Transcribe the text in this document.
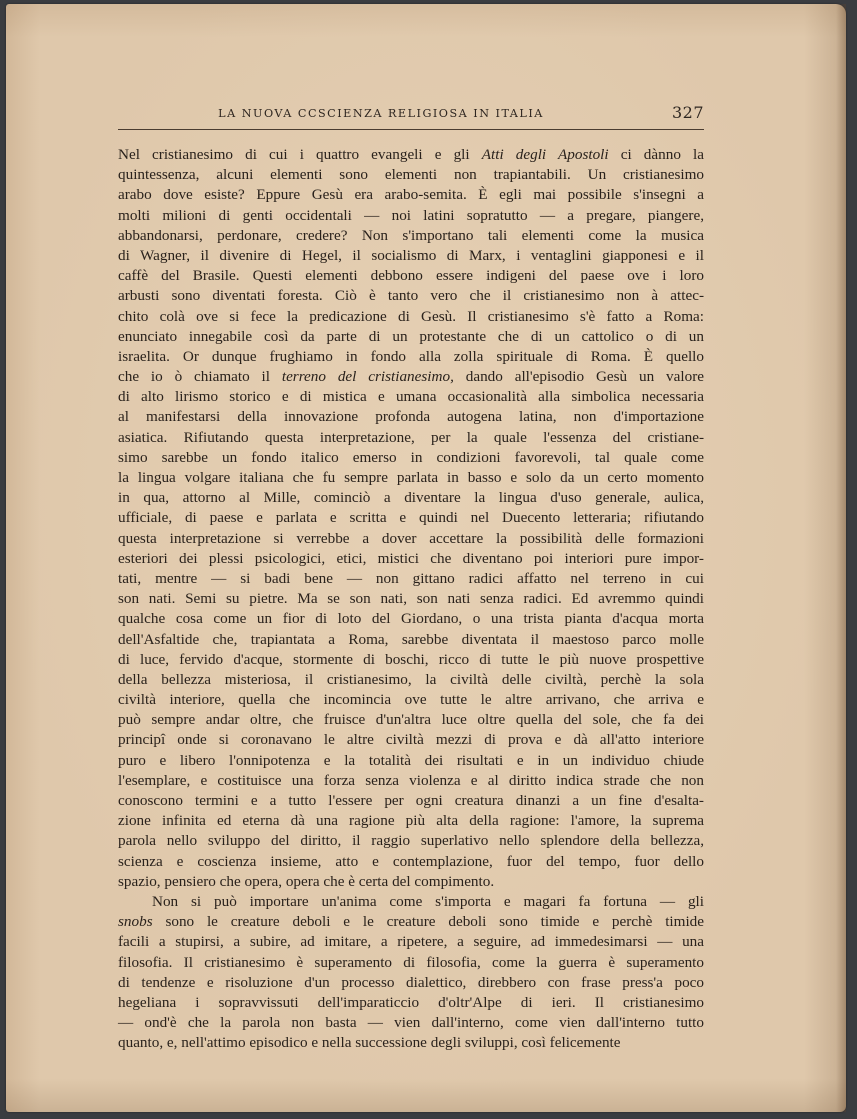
LA NUOVA CCSCIENZA RELIGIOSA IN ITALIA	327
Nel cristianesimo di cui i quattro evangeli e gli Atti degli Apostoli ci dànno la
quintessenza, alcuni elementi sono elementi non trapiantabili. Un cristianesimo
arabo dove esiste? Eppure Gesù era arabo-semita. È egli mai possibile s'insegni a
molti milioni di genti occidentali — noi latini sopratutto — a pregare, piangere,
abbandonarsi, perdonare, credere? Non s'importano tali elementi come la musica
di Wagner, il divenire di Hegel, il socialismo di Marx, i ventaglini giapponesi e il
caffè del Brasile. Questi elementi debbono essere indigeni del paese ove i loro
arbusti sono diventati foresta. Ciò è tanto vero che il cristianesimo non à attec-
chito colà ove si fece la predicazione di Gesù. Il cristianesimo s'è fatto a Roma:
enunciato innegabile così da parte di un protestante che di un cattolico o di un
israelita. Or dunque frughiamo in fondo alla zolla spirituale di Roma. È quello
che io ò chiamato il terreno del cristianesimo, dando all'episodio Gesù un valore
di alto lirismo storico e di mistica e umana occasionalità alla simbolica necessaria
al manifestarsi della innovazione profonda autogena latina, non d'importazione
asiatica. Rifiutando questa interpretazione, per la quale l'essenza del cristiane-
simo sarebbe un fondo italico emerso in condizioni favorevoli, tal quale come
la lingua volgare italiana che fu sempre parlata in basso e solo da un certo momento
in qua, attorno al Mille, cominciò a diventare la lingua d'uso generale, aulica,
ufficiale, di paese e parlata e scritta e quindi nel Duecento letteraria; rifiutando
questa interpretazione si verrebbe a dover accettare la possibilità delle formazioni
esteriori dei plessi psicologici, etici, mistici che diventano poi interiori pure impor-
tati, mentre — si badi bene — non gittano radici affatto nel terreno in cui
son nati. Semi su pietre. Ma se son nati, son nati senza radici. Ed avremmo quindi
qualche cosa come un fior di loto del Giordano, o una trista pianta d'acqua morta
dell'Asfaltide che, trapiantata a Roma, sarebbe diventata il maestoso parco molle
di luce, fervido d'acque, stormente di boschi, ricco di tutte le più nuove prospettive
della bellezza misteriosa, il cristianesimo, la civiltà delle civiltà, perchè la sola
civiltà interiore, quella che incomincia ove tutte le altre arrivano, che arriva e
può sempre andar oltre, che fruisce d'un'altra luce oltre quella del sole, che fa dei
principî onde si coronavano le altre civiltà mezzi di prova e dà all'atto interiore
puro e libero l'onnipotenza e la totalità dei risultati e in un individuo chiude
l'esemplare, e costituisce una forza senza violenza e al diritto indica strade che non
conoscono termini e a tutto l'essere per ogni creatura dinanzi a un fine d'esalta-
zione infinita ed eterna dà una ragione più alta della ragione: l'amore, la suprema
parola nello sviluppo del diritto, il raggio superlativo nello splendore della bellezza,
scienza e coscienza insieme, atto e contemplazione, fuor del tempo, fuor dello
spazio, pensiero che opera, opera che è certa del compimento.
Non si può importare un'anima come s'importa e magari fa fortuna — gli
snobs sono le creature deboli e le creature deboli sono timide e perchè timide
facili a stupirsi, a subire, ad imitare, a ripetere, a seguire, ad immedesimarsi — una
filosofia. Il cristianesimo è superamento di filosofia, come la guerra è superamento
di tendenze e risoluzione d'un processo dialettico, direbbero con frase press'a poco
hegeliana i sopravvissuti dell'imparaticcio d'oltr'Alpe di ieri. Il cristianesimo
— ond'è che la parola non basta — vien dall'interno, come vien dall'interno tutto
quanto, e, nell'attimo episodico e nella successione degli sviluppi, così felicemente
